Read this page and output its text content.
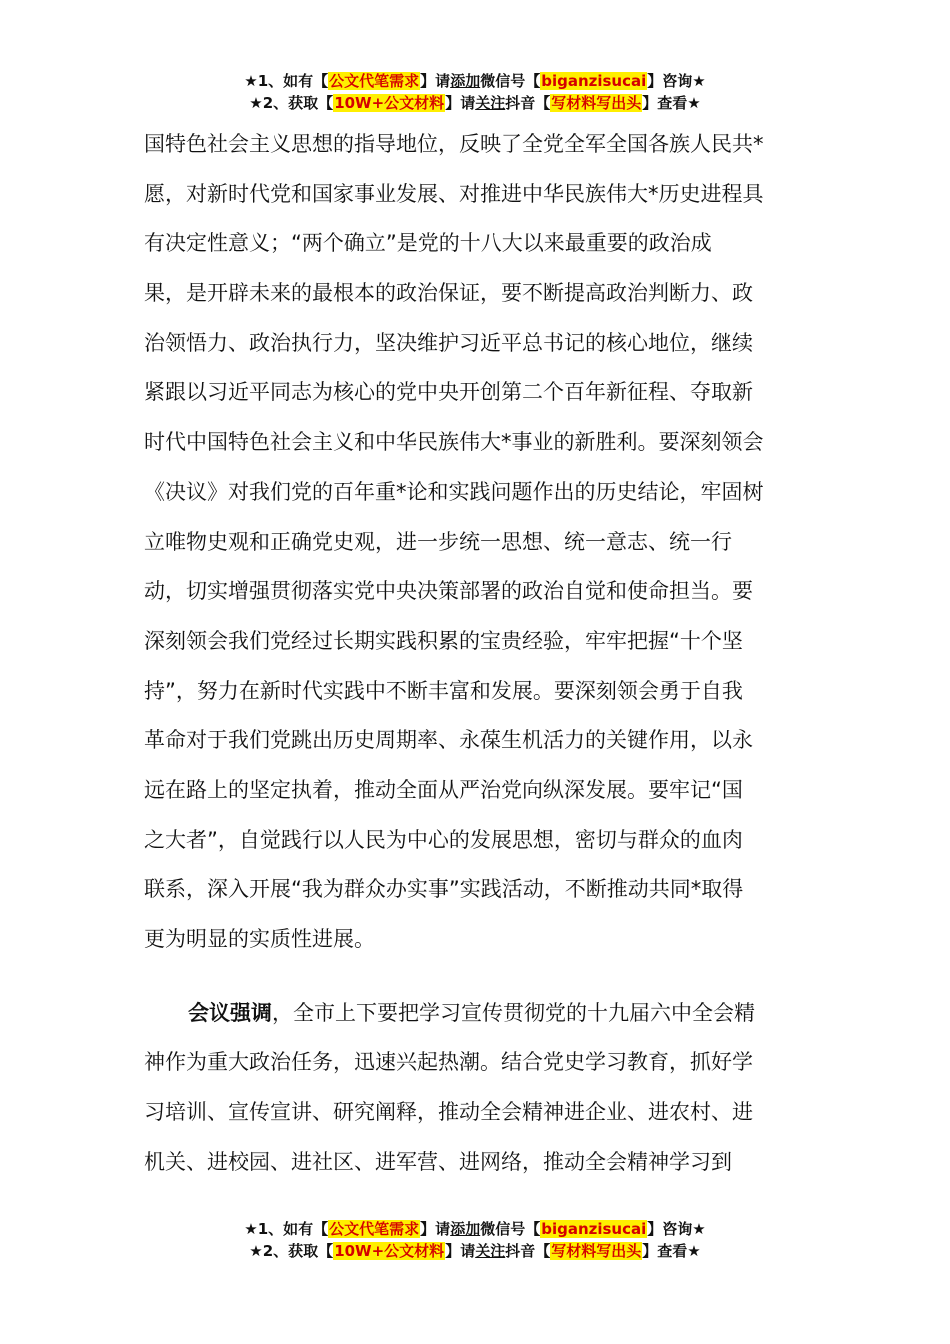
★1、如有【公文代笔需求】请添加微信号【biganzisucai】咨询★
★2、获取【10W+公文材料】请关注抖音【写材料写出头】查看★
国特色社会主义思想的指导地位，反映了全党全军全国各族人民共*
愿，对新时代党和国家事业发展、对推进中华民族伟大*历史进程具
有决定性意义；“两个确立”是党的十八大以来最重要的政治成
果，是开辟未来的最根本的政治保证，要不断提高政治判断力、政
治领悟力、政治执行力，坚决维护习近平总书记的核心地位，继续
紧跟以习近平同志为核心的党中央开创第二个百年新征程、夺取新
时代中国特色社会主义和中华民族伟大*事业的新胜利。要深刻领会
《决议》对我们党的百年重*论和实践问题作出的历史结论，牢固树
立唯物史观和正确党史观，进一步统一思想、统一意志、统一行
动，切实增强贯彻落实党中央决策部署的政治自觉和使命担当。要
深刻领会我们党经过长期实践积累的宝贵经验，牢牢把握“十个坚
持”，努力在新时代实践中不断丰富和发展。要深刻领会勇于自我
革命对于我们党跳出历史周期率、永葆生机活力的关键作用，以永
远在路上的坚定执着，推动全面从严治党向纵深发展。要牢记“国
之大者”，自觉践行以人民为中心的发展思想，密切与群众的血肉
联系，深入开展“我为群众办实事”实践活动，不断推动共同*取得
更为明显的实质性进展。
会议强调，全市上下要把学习宣传贯彻党的十九届六中全会精
神作为重大政治任务，迅速兴起热潮。结合党史学习教育，抓好学
习培训、宣传宣讲、研究阐释，推动全会精神进企业、进农村、进
机关、进校园、进社区、进军营、进网络，推动全会精神学习到
★1、如有【公文代笔需求】请添加微信号【biganzisucai】咨询★
★2、获取【10W+公文材料】请关注抖音【写材料写出头】查看★
